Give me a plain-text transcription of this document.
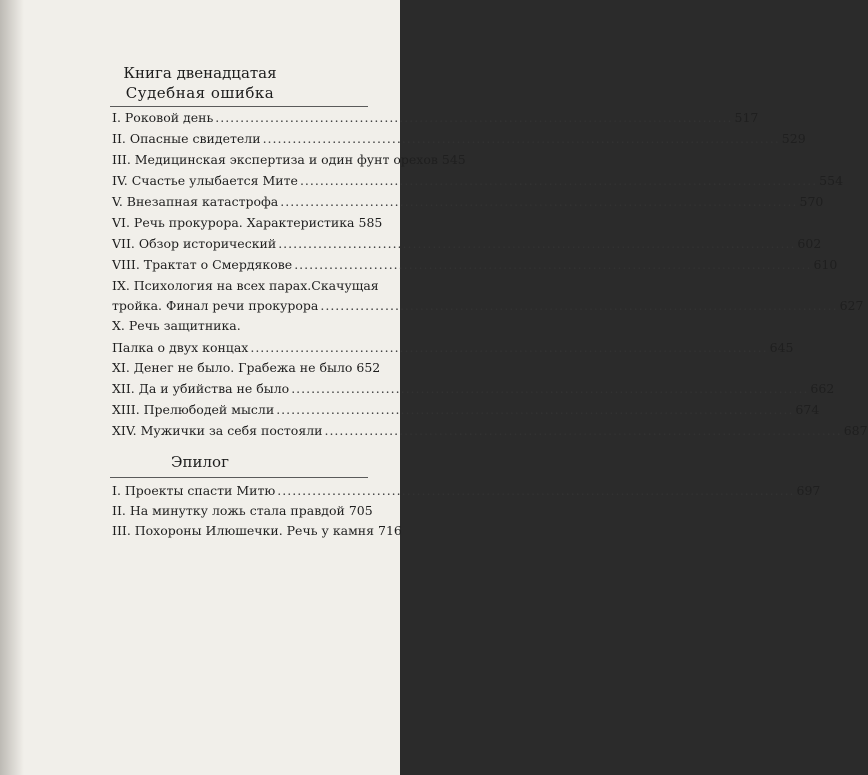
Книга двенадцатая
Судебная ошибка
I. Роковой день .....	517
II. Опасные свидетели .....	529
III. Медицинская экспертиза и один фунт орехов 545
IV. Счастье улыбается Мите .....	554
V. Внезапная катастрофа .....	570
VI. Речь прокурора. Характеристика 585
VII. Обзор исторический .....	602
VIII. Трактат о Смердякове .....	610
IX. Психология на всех парах.Скачущая
тройка. Финал речи прокурора .....	627
X. Речь защитника.
Палка о двух концах .....	645
XI. Денег не было. Грабежа не было 652
XII. Да и убийства не было .....	662
XIII. Прелюбодей мысли .....	674
XIV. Мужички за себя постояли .....	687
Эпилог
I. Проекты спасти Митю .....	697
II. На минутку ложь стала правдой 705
III. Похороны Илюшечки. Речь у камня 716
